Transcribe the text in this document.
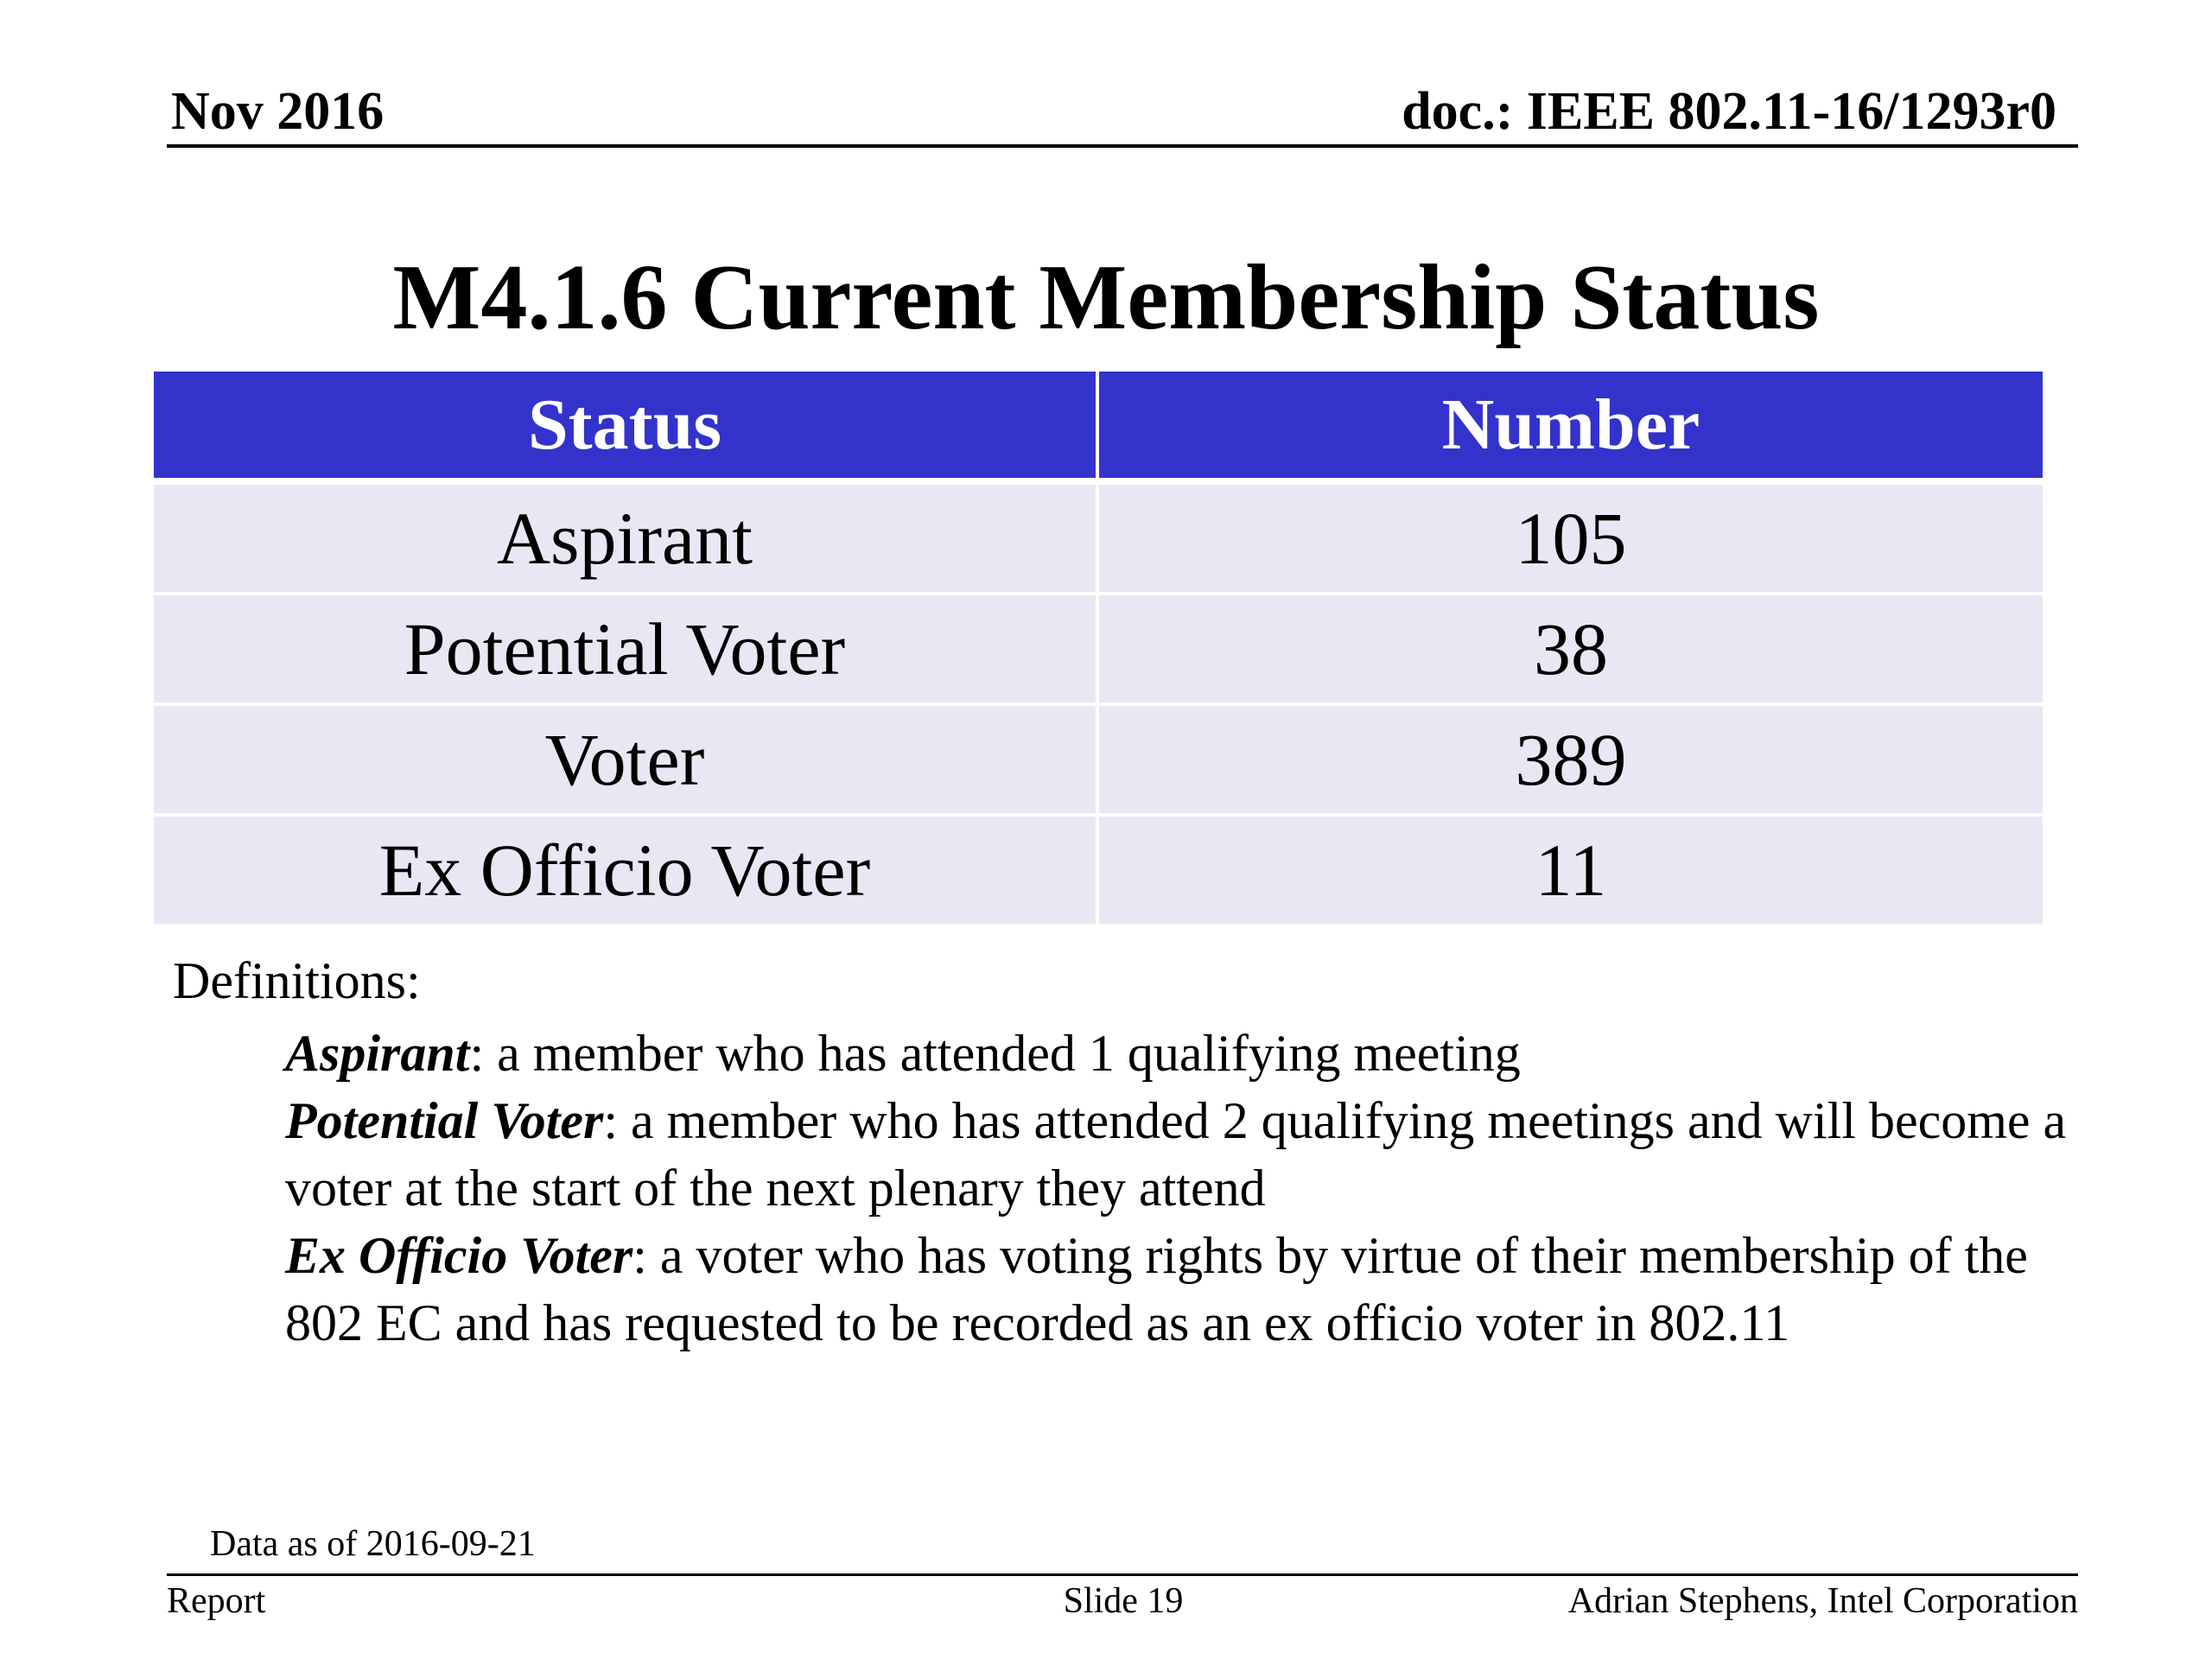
Nov 2016	doc.: IEEE 802.11-16/1293r0
M4.1.6 Current Membership Status
Status	Number
Aspirant	105
Potential Voter	38
Voter	389
Ex Officio Voter	11
Definitions:

Aspirant: a member who has attended 1 qualifying meeting

Potential Voter: a member who has attended 2 qualifying meetings and will become a voter at the start of the next plenary they attend

Ex Officio Voter: a voter who has voting rights by virtue of their membership of the 802 EC and has requested to be recorded as an ex officio voter in 802.11

Data as of 2016-09-21
Report	Slide 19	Adrian Stephens, Intel Corporation
